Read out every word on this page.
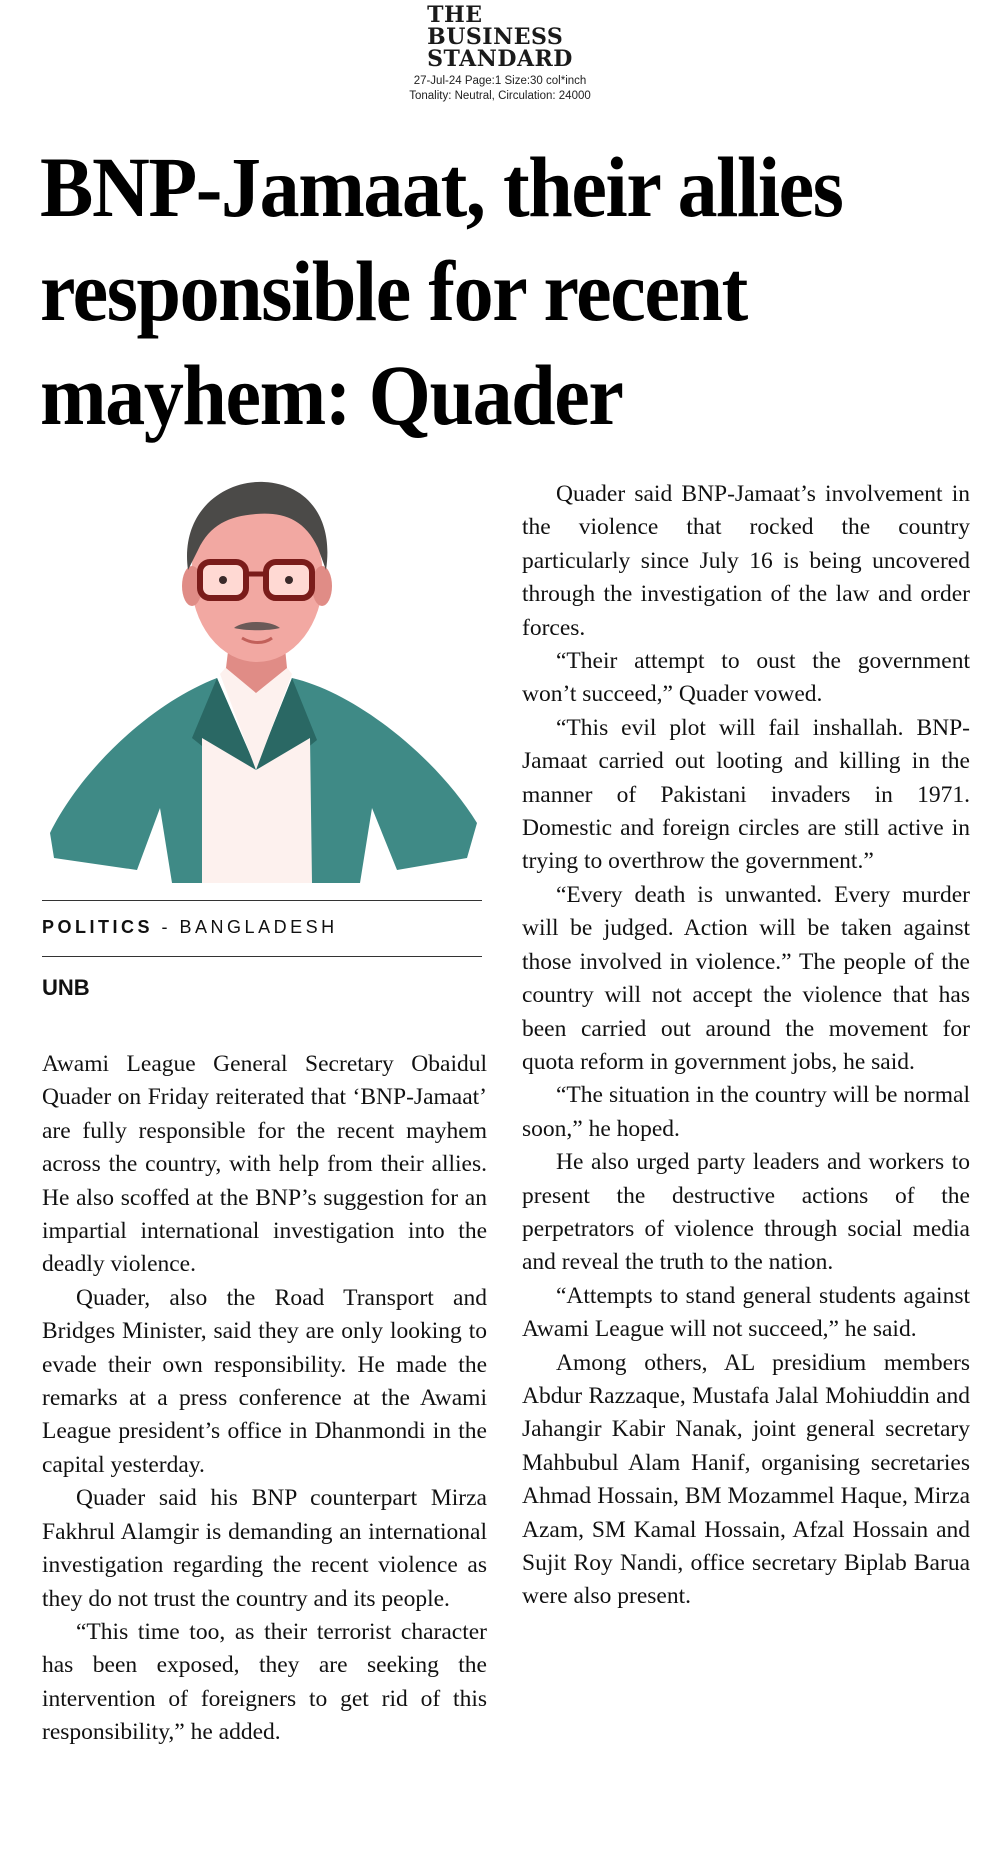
THE
BUSINESS
STANDARD
27-Jul-24 Page:1 Size:30 col*inch
Tonality: Neutral, Circulation: 24000
BNP-Jamaat, their allies responsible for recent mayhem: Quader
POLITICS - BANGLADESH
UNB

Awami League General Secretary Obaidul Quader on Friday reiterated that ‘BNP-Jamaat’ are fully responsible for the recent mayhem across the country, with help from their allies. He also scoffed at the BNP’s suggestion for an impartial international investigation into the deadly violence.

Quader, also the Road Transport and Bridges Minister, said they are only looking to evade their own responsibility. He made the remarks at a press conference at the Awami League president’s office in Dhanmondi in the capital yesterday.

Quader said his BNP counterpart Mirza Fakhrul Alamgir is demanding an international investigation regarding the recent violence as they do not trust the country and its people.

“This time too, as their terrorist character has been exposed, they are seeking the intervention of foreigners to get rid of this responsibility,” he added.

Quader said BNP-Jamaat’s involvement in the violence that rocked the country particularly since July 16 is being uncovered through the investigation of the law and order forces.

“Their attempt to oust the government won’t succeed,” Quader vowed.

“This evil plot will fail inshallah. BNP-Jamaat carried out looting and killing in the manner of Pakistani invaders in 1971. Domestic and foreign circles are still active in trying to overthrow the government.”

“Every death is unwanted. Every murder will be judged. Action will be taken against those involved in violence.” The people of the country will not accept the violence that has been carried out around the movement for quota reform in government jobs, he said.

“The situation in the country will be normal soon,” he hoped.

He also urged party leaders and workers to present the destructive actions of the perpetrators of violence through social media and reveal the truth to the nation.

“Attempts to stand general students against Awami League will not succeed,” he said.

Among others, AL presidium members Abdur Razzaque, Mustafa Jalal Mohiuddin and Jahangir Kabir Nanak, joint general secretary Mahbubul Alam Hanif, organising secretaries Ahmad Hossain, BM Mozammel Haque, Mirza Azam, SM Kamal Hossain, Afzal Hossain and Sujit Roy Nandi, office secretary Biplab Barua were also present.
